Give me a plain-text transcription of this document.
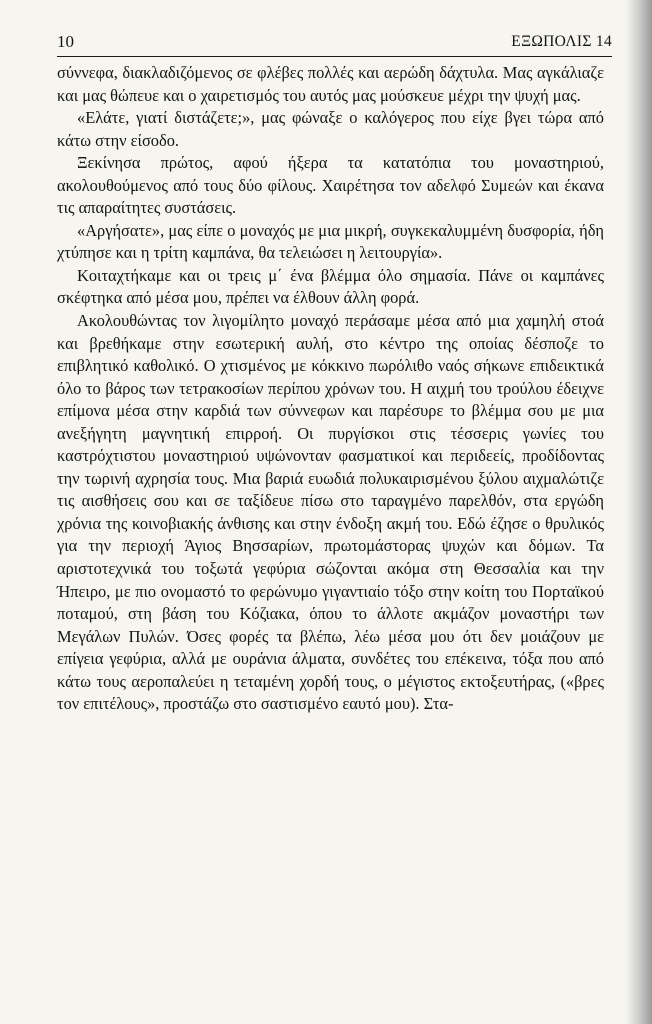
10	ΕΞΩΠΟΛΙΣ 14

σύννεφα, διακλαδιζόμενος σε φλέβες πολλές και αερώδη δάχτυλα. Μας αγκάλιαζε και μας θώπευε και ο χαιρετισμός του αυτός μας μούσκευε μέχρι την ψυχή μας.

«Ελάτε, γιατί διστάζετε;», μας φώναξε ο καλόγερος που είχε βγει τώρα από κάτω στην είσοδο.

Ξεκίνησα πρώτος, αφού ήξερα τα κατατόπια του μοναστηριού, ακολουθούμενος από τους δύο φίλους. Χαιρέτησα τον αδελφό Συμεών και έκανα τις απαραίτητες συστάσεις.

«Αργήσατε», μας είπε ο μοναχός με μια μικρή, συγκεκαλυμμένη δυσφορία, ήδη χτύπησε και η τρίτη καμπάνα, θα τελειώσει η λειτουργία».

Κοιταχτήκαμε και οι τρεις μ΄ ένα βλέμμα όλο σημασία. Πάνε οι καμπάνες σκέφτηκα από μέσα μου, πρέπει να έλθουν άλλη φορά.

Ακολουθώντας τον λιγομίλητο μοναχό περάσαμε μέσα από μια χαμηλή στοά και βρεθήκαμε στην εσωτερική αυλή, στο κέντρο της οποίας δέσποζε το επιβλητικό καθολικό. Ο χτισμένος με κόκκινο πωρόλιθο ναός σήκωνε επιδεικτικά όλο το βάρος των τετρακοσίων περίπου χρόνων του. Η αιχμή του τρούλου έδειχνε επίμονα μέσα στην καρδιά των σύννεφων και παρέσυρε το βλέμμα σου με μια ανεξήγητη μαγνητική επιρροή. Οι πυργίσκοι στις τέσσερις γωνίες του καστρόχτιστου μοναστηριού υψώνονταν φασματικοί και περιδεείς, προδίδοντας την τωρινή αχρησία τους. Μια βαριά ευωδιά πολυκαιρισμένου ξύλου αιχμαλώτιζε τις αισθήσεις σου και σε ταξίδευε πίσω στο ταραγμένο παρελθόν, στα εργώδη χρόνια της κοινοβιακής άνθισης και στην ένδοξη ακμή του. Εδώ έζησε ο θρυλικός για την περιοχή Άγιος Βησσαρίων, πρωτομάστορας ψυχών και δόμων. Τα αριστοτεχνικά του τοξωτά γεφύρια σώζονται ακόμα στη Θεσσαλία και την Ήπειρο, με πιο ονομαστό το φερώνυμο γιγαντιαίο τόξο στην κοίτη του Πορταϊκού ποταμού, στη βάση του Κόζιακα, όπου το άλλοτε ακμάζον μοναστήρι των Μεγάλων Πυλών. Όσες φορές τα βλέπω, λέω μέσα μου ότι δεν μοιάζουν με επίγεια γεφύρια, αλλά με ουράνια άλματα, συνδέτες του επέκεινα, τόξα που από κάτω τους αεροπαλεύει η τεταμένη χορδή τους, ο μέγιστος εκτοξευτήρας, («βρες τον επιτέλους», προστάζω στο σαστισμένο εαυτό μου). Στα-
